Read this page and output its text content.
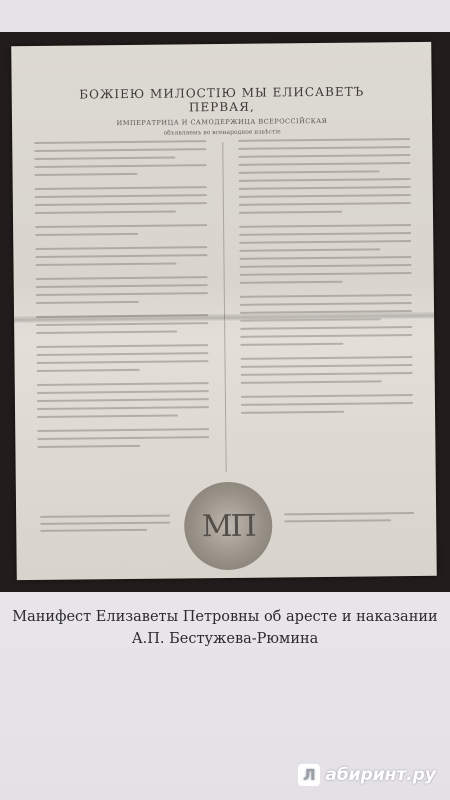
БОЖІЕЮ МИЛОСТІЮ МЫ ЕЛИСАВЕТЪ ПЕРВАЯ,
ИМПЕРАТРИЦА И САМОДЕРЖИЦА ВСЕРОССІЙСКАЯ
объявляемъ во всенародное извѣстіе
МП
Манифест Елизаветы Петровны об аресте и наказании
А.П. Бестужева-Рюмина
Л абиринт.ру
